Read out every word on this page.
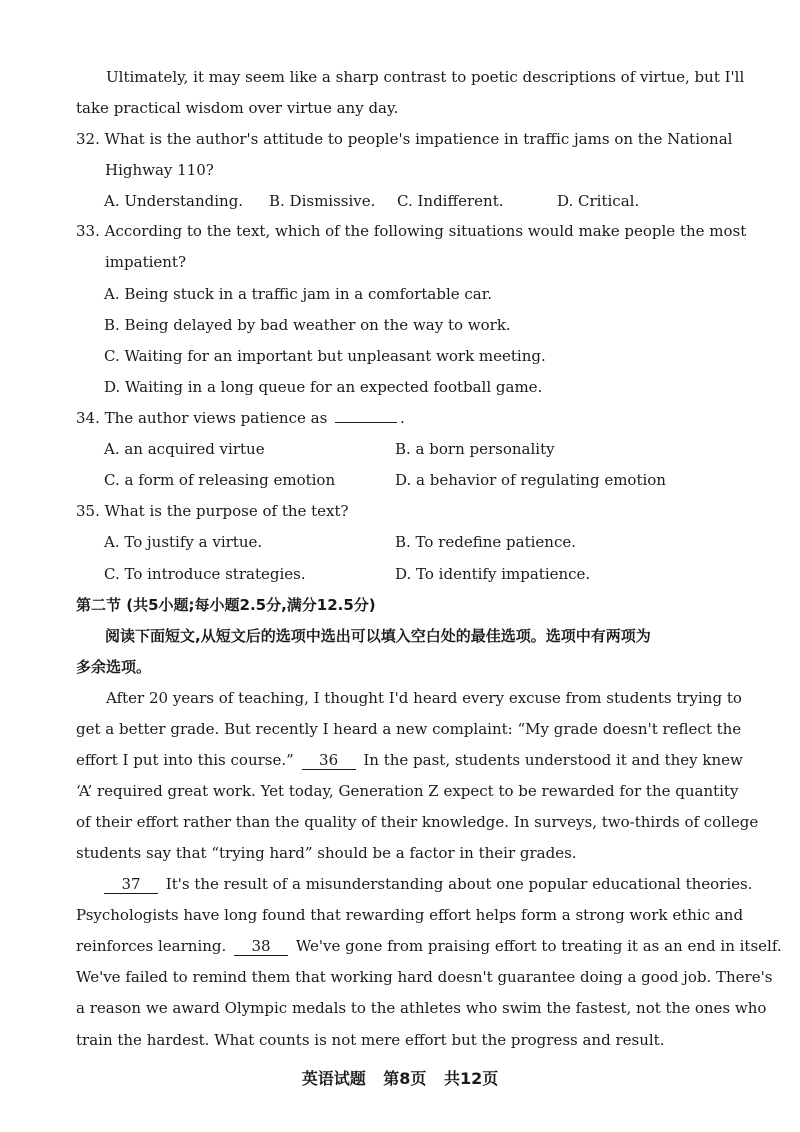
Ultimately, it may seem like a sharp contrast to poetic descriptions of virtue, but I'll
take practical wisdom over virtue any day.
32. What is the author's attitude to people's impatience in traffic jams on the National
Highway 110?
A. Understanding. B. Dismissive. C. Indifferent.	D. Critical.
33. According to the text, which of the following situations would make people the most
impatient?
A. Being stuck in a traffic jam in a comfortable car.
B. Being delayed by bad weather on the way to work.
C. Waiting for an important but unpleasant work meeting.
D. Waiting in a long queue for an expected football game.
34. The author views patience as	.
A. an acquired virtue	B. a born personality
C. a form of releasing emotion	D. a behavior of regulating emotion
35. What is the purpose of the text?
A. To justify a virtue.	B. To redefine patience.
C. To introduce strategies.	D. To identify impatience.
第二节 (共5小题;每小题2.5分,满分12.5分)
阅读下面短文,从短文后的选项中选出可以填入空白处的最佳选项。选项中有两项为
多余选项。
After 20 years of teaching, I thought I'd heard every excuse from students trying to
get a better grade. But recently I heard a new complaint: “My grade doesn't reflect the
effort I put into this course.” 36 In the past, students understood it and they knew
‘A’ required great work. Yet today, Generation Z expect to be rewarded for the quantity
of their effort rather than the quality of their knowledge. In surveys, two-thirds of college
students say that “trying hard” should be a factor in their grades.
37 It's the result of a misunderstanding about one popular educational theories.
Psychologists have long found that rewarding effort helps form a strong work ethic and
reinforces learning. 38 We've gone from praising effort to treating it as an end in itself.
We've failed to remind them that working hard doesn't guarantee doing a good job. There's
a reason we award Olympic medals to the athletes who swim the fastest, not the ones who
train the hardest. What counts is not mere effort but the progress and result.
英语试题 第8页 共12页
